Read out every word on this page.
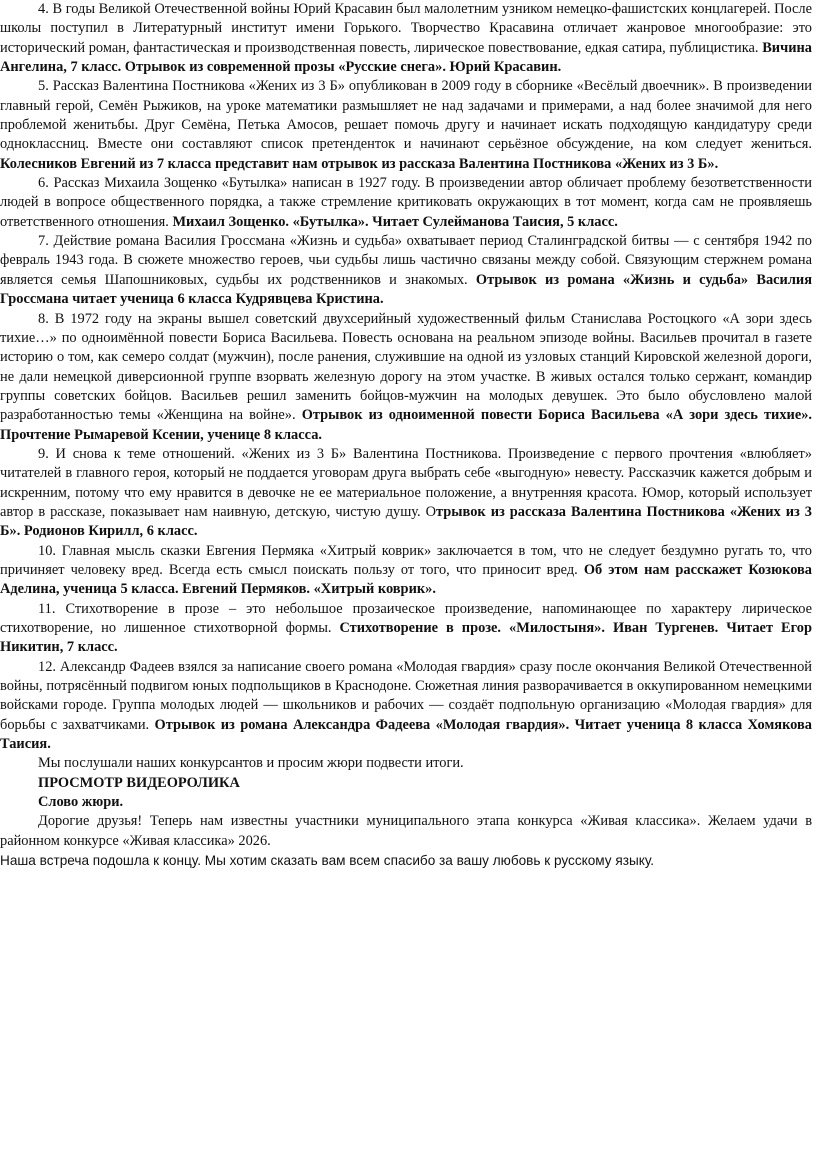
4. В годы Великой Отечественной войны Юрий Красавин был малолетним узником немецко-фашистских концлагерей. После школы поступил в Литературный институт имени Горького. Творчество Красавина отличает жанровое многообразие: это исторический роман, фантастическая и производственная повесть, лирическое повествование, едкая сатира, публицистика. Вичина Ангелина, 7 класс. Отрывок из современной прозы «Русские снега». Юрий Красавин.

5. Рассказ Валентина Постникова «Жених из 3 Б» опубликован в 2009 году в сборнике «Весёлый двоечник». В произведении главный герой, Семён Рыжиков, на уроке математики размышляет не над задачами и примерами, а над более значимой для него проблемой женитьбы. Друг Семёна, Петька Амосов, решает помочь другу и начинает искать подходящую кандидатуру среди одноклассниц. Вместе они составляют список претенденток и начинают серьёзное обсуждение, на ком следует жениться. Колесников Евгений из 7 класса представит нам отрывок из рассказа Валентина Постникова «Жених из 3 Б».

6. Рассказ Михаила Зощенко «Бутылка» написан в 1927 году. В произведении автор обличает проблему безответственности людей в вопросе общественного порядка, а также стремление критиковать окружающих в тот момент, когда сам не проявляешь ответственного отношения. Михаил Зощенко. «Бутылка». Читает Сулейманова Таисия, 5 класс.

7. Действие романа Василия Гроссмана «Жизнь и судьба» охватывает период Сталинградской битвы — с сентября 1942 по февраль 1943 года. В сюжете множество героев, чьи судьбы лишь частично связаны между собой. Связующим стержнем романа является семья Шапошниковых, судьбы их родственников и знакомых. Отрывок из романа «Жизнь и судьба» Василия Гроссмана читает ученица 6 класса Кудрявцева Кристина.

8. В 1972 году на экраны вышел советский двухсерийный художественный фильм Станислава Ростоцкого «А зори здесь тихие…» по одноимённой повести Бориса Васильева. Повесть основана на реальном эпизоде войны. Васильев прочитал в газете историю о том, как семеро солдат (мужчин), после ранения, служившие на одной из узловых станций Кировской железной дороги, не дали немецкой диверсионной группе взорвать железную дорогу на этом участке. В живых остался только сержант, командир группы советских бойцов. Васильев решил заменить бойцов-мужчин на молодых девушек. Это было обусловлено малой разработанностью темы «Женщина на войне». Отрывок из одноименной повести Бориса Васильева «А зори здесь тихие». Прочтение Рымаревой Ксении, ученице 8 класса.

9. И снова к теме отношений. «Жених из 3 Б» Валентина Постникова. Произведение с первого прочтения «влюбляет» читателей в главного героя, который не поддается уговорам друга выбрать себе «выгодную» невесту. Рассказчик кажется добрым и искренним, потому что ему нравится в девочке не ее материальное положение, а внутренняя красота. Юмор, который использует автор в рассказе, показывает нам наивную, детскую, чистую душу. Отрывок из рассказа Валентина Постникова «Жених из 3 Б». Родионов Кирилл, 6 класс.

10. Главная мысль сказки Евгения Пермяка «Хитрый коврик» заключается в том, что не следует бездумно ругать то, что причиняет человеку вред. Всегда есть смысл поискать пользу от того, что приносит вред. Об этом нам расскажет Козюкова Аделина, ученица 5 класса. Евгений Пермяков. «Хитрый коврик».

11. Стихотворение в прозе – это небольшое прозаическое произведение, напоминающее по характеру лирическое стихотворение, но лишенное стихотворной формы. Стихотворение в прозе. «Милостыня». Иван Тургенев. Читает Егор Никитин, 7 класс.

12. Александр Фадеев взялся за написание своего романа «Молодая гвардия» сразу после окончания Великой Отечественной войны, потрясённый подвигом юных подпольщиков в Краснодоне. Сюжетная линия разворачивается в оккупированном немецкими войсками городе. Группа молодых людей — школьников и рабочих — создаёт подпольную организацию «Молодая гвардия» для борьбы с захватчиками. Отрывок из романа Александра Фадеева «Молодая гвардия». Читает ученица 8 класса Хомякова Таисия.

Мы послушали наших конкурсантов и просим жюри подвести итоги.

ПРОСМОТР ВИДЕОРОЛИКА

Слово жюри.

Дорогие друзья! Теперь нам известны участники муниципального этапа конкурса «Живая классика». Желаем удачи в районном конкурсе «Живая классика» 2026.

Наша встреча подошла к концу. Мы хотим сказать вам всем спасибо за вашу любовь к русскому языку.
